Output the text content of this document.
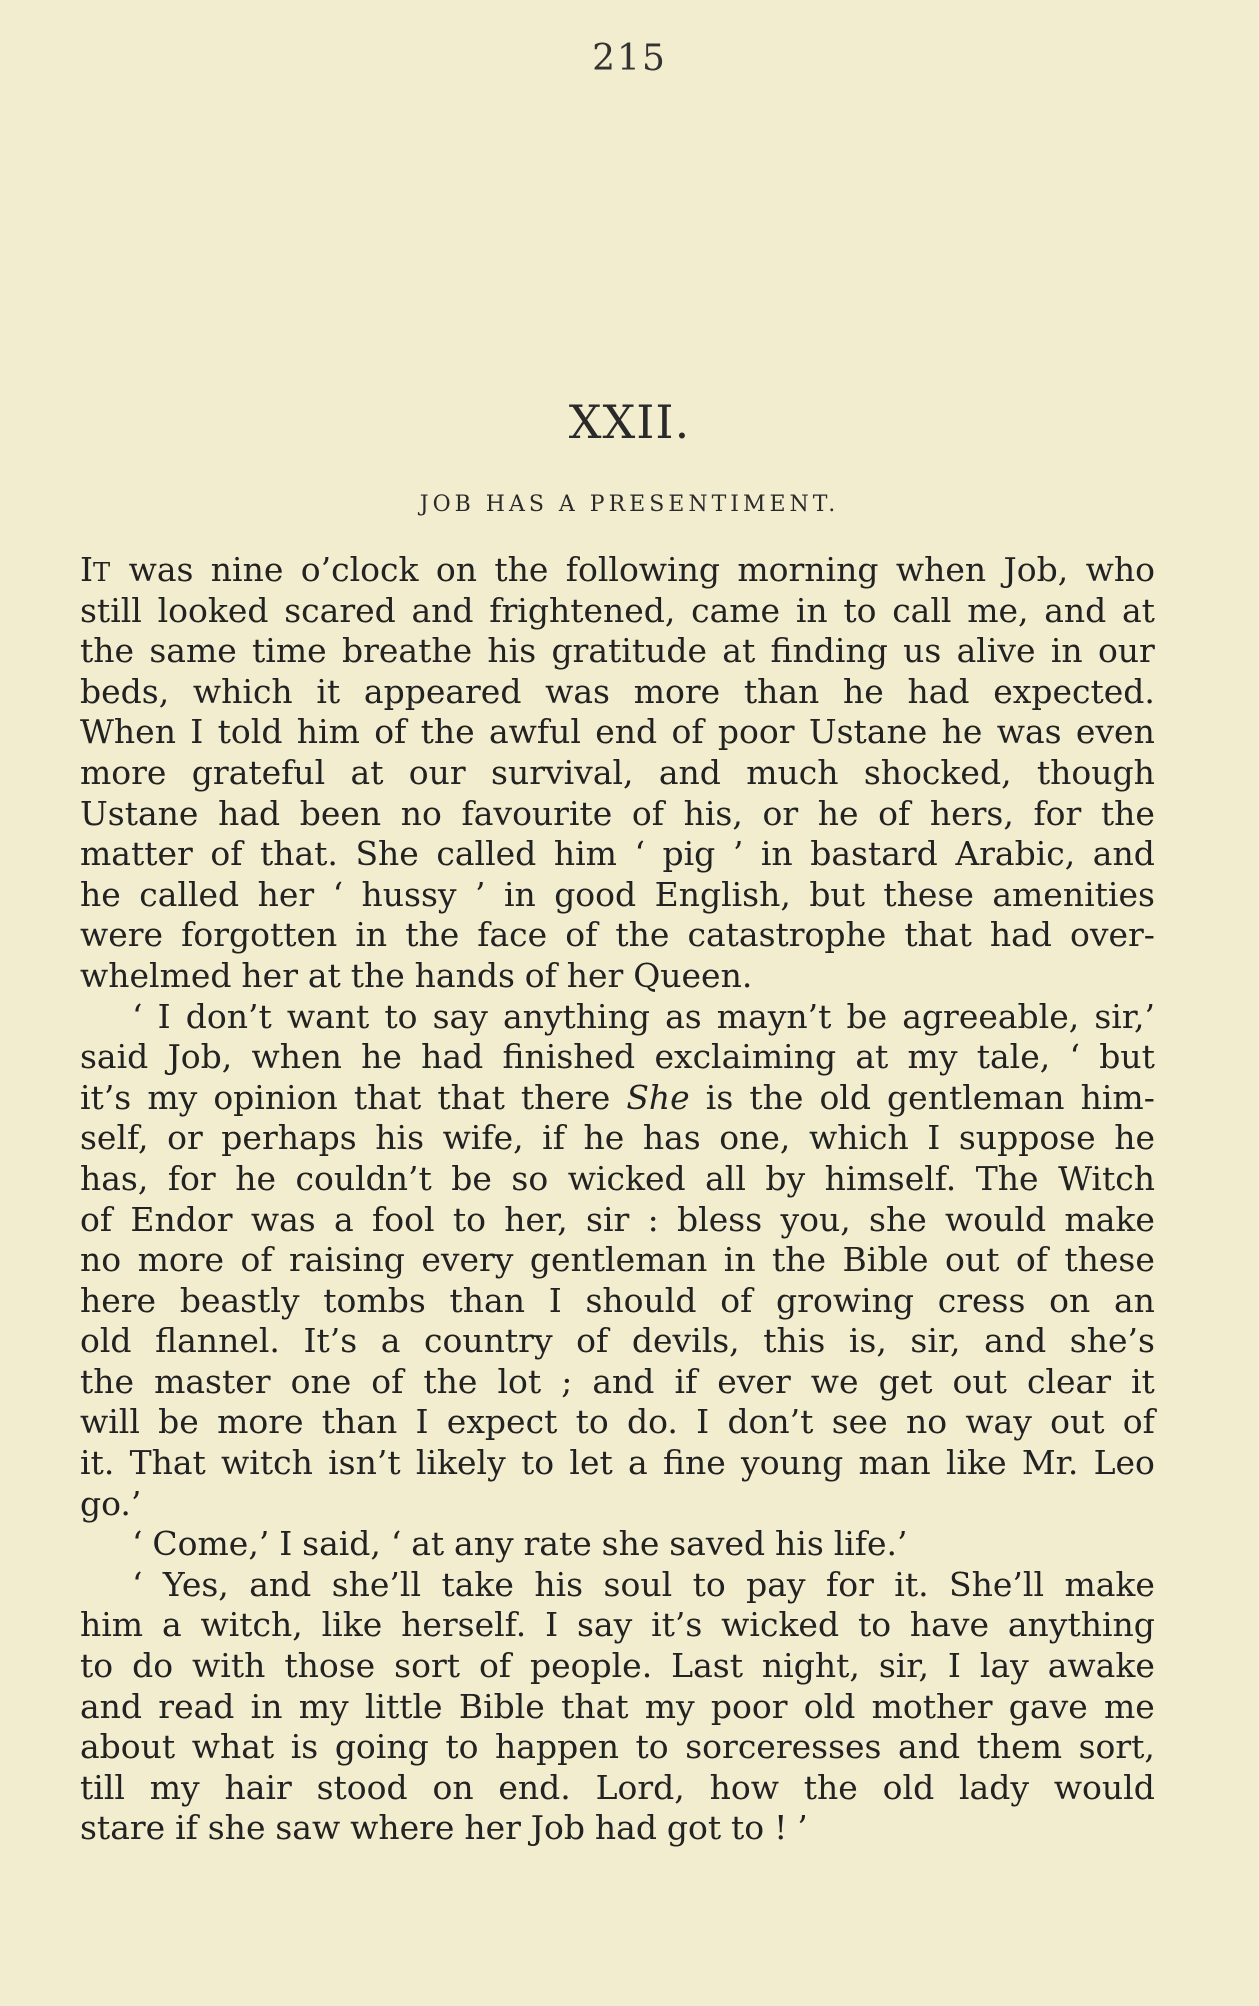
215
XXII.
JOB HAS A PRESENTIMENT.
IT was nine o’clock on the following morning when Job, who
still looked scared and frightened, came in to call me, and at
the same time breathe his gratitude at finding us alive in our
beds, which it appeared was more than he had expected.
When I told him of the awful end of poor Ustane he was even
more grateful at our survival, and much shocked, though
Ustane had been no favourite of his, or he of hers, for the
matter of that. She called him ‘ pig ’ in bastard Arabic, and
he called her ‘ hussy ’ in good English, but these amenities
were forgotten in the face of the catastrophe that had over-
whelmed her at the hands of her Queen.
‘ I don’t want to say anything as mayn’t be agreeable, sir,’
said Job, when he had finished exclaiming at my tale, ‘ but
it’s my opinion that that there She is the old gentleman him-
self, or perhaps his wife, if he has one, which I suppose he
has, for he couldn’t be so wicked all by himself. The Witch
of Endor was a fool to her, sir : bless you, she would make
no more of raising every gentleman in the Bible out of these
here beastly tombs than I should of growing cress on an
old flannel. It’s a country of devils, this is, sir, and she’s
the master one of the lot ; and if ever we get out clear it
will be more than I expect to do. I don’t see no way out of
it. That witch isn’t likely to let a fine young man like Mr. Leo
go.’
‘ Come,’ I said, ‘ at any rate she saved his life.’
‘ Yes, and she’ll take his soul to pay for it. She’ll make
him a witch, like herself. I say it’s wicked to have anything
to do with those sort of people. Last night, sir, I lay awake
and read in my little Bible that my poor old mother gave me
about what is going to happen to sorceresses and them sort,
till my hair stood on end. Lord, how the old lady would
stare if she saw where her Job had got to ! ’
